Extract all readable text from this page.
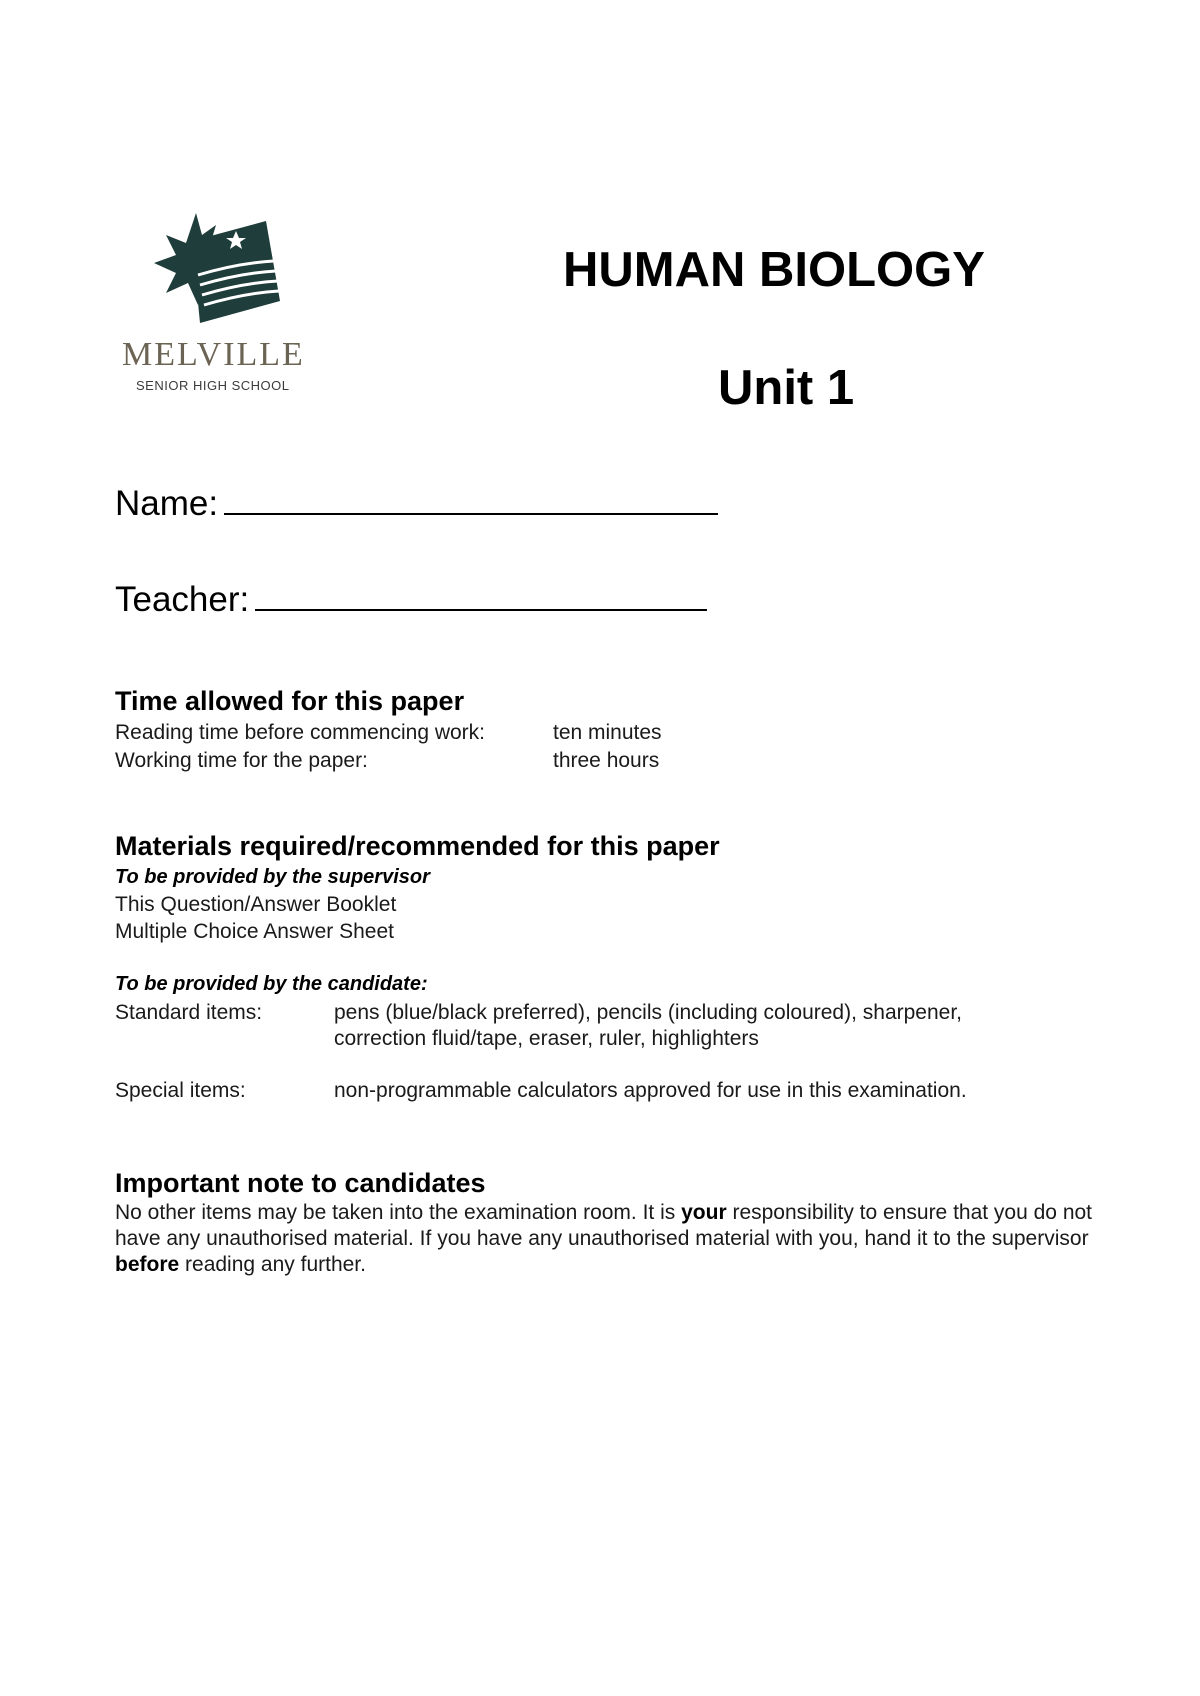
MELVILLE
SENIOR HIGH SCHOOL
HUMAN BIOLOGY
Unit 1
Name:
Teacher:
Time allowed for this paper
Reading time before commencing work:	ten minutes
Working time for the paper:	three hours
Materials required/recommended for this paper
To be provided by the supervisor
This Question/Answer Booklet
Multiple Choice Answer Sheet
To be provided by the candidate:
Standard items:	pens (blue/black preferred), pencils (including coloured), sharpener,
correction fluid/tape, eraser, ruler, highlighters
Special items:	non-programmable calculators approved for use in this examination.
Important note to candidates
No other items may be taken into the examination room. It is your responsibility to ensure that you do not have any unauthorised material. If you have any unauthorised material with you, hand it to the supervisor before reading any further.
